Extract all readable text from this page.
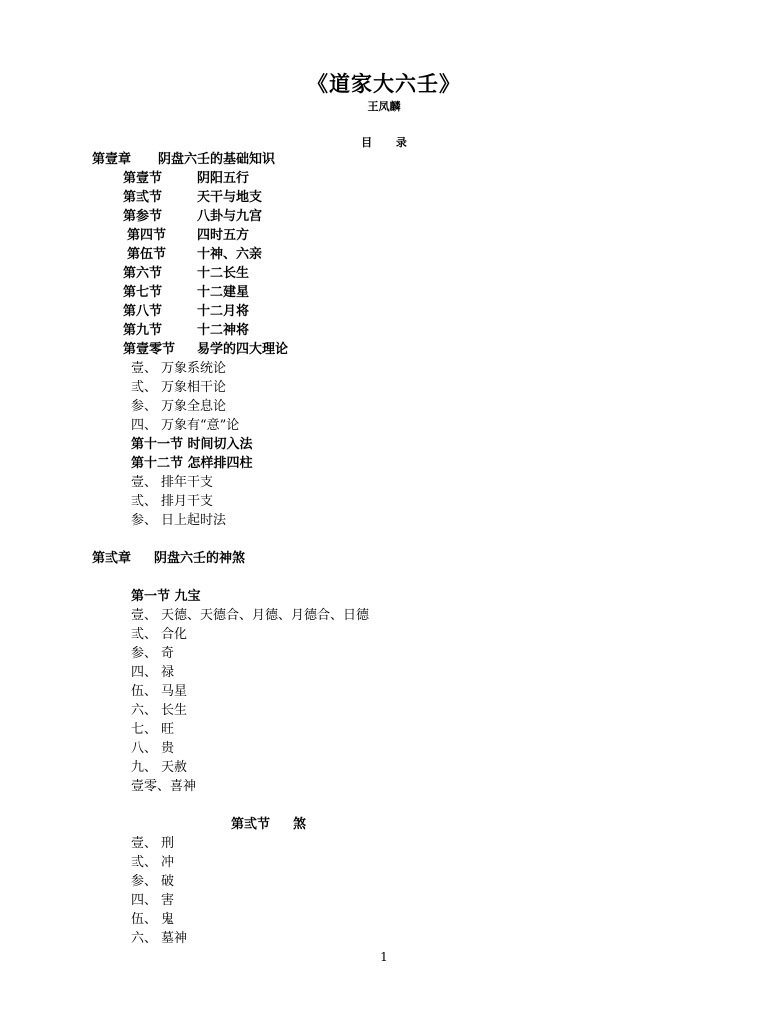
《道家大六壬》
王凤麟
目 录
第壹章 阴盘六壬的基础知识
第壹节	阴阳五行
第弎节	天干与地支
第参节	八卦与九宫
第四节 四时五方
第伍节 十神、六亲
第六节	十二长生
第七节	十二建星
第八节	十二月将
第九节	十二神将
第壹零节 易学的四大理论
壹、 万象系统论
弎、 万象相干论
参、 万象全息论
四、 万象有“意”论
第十一节 时间切入法
第十二节 怎样排四柱
壹、 排年干支
弎、 排月干支
参、 日上起时法
第弎章 阴盘六壬的神煞
第一节 九宝
壹、 天德、天德合、月德、月德合、日德
弎、 合化
参、 奇
四、 禄
伍、 马星
六、 长生
七、 旺
八、 贵
九、 天赦
壹零、喜神
第弎节 煞
壹、 刑
弎、 冲
参、 破
四、 害
伍、 鬼
六、 墓神
1
